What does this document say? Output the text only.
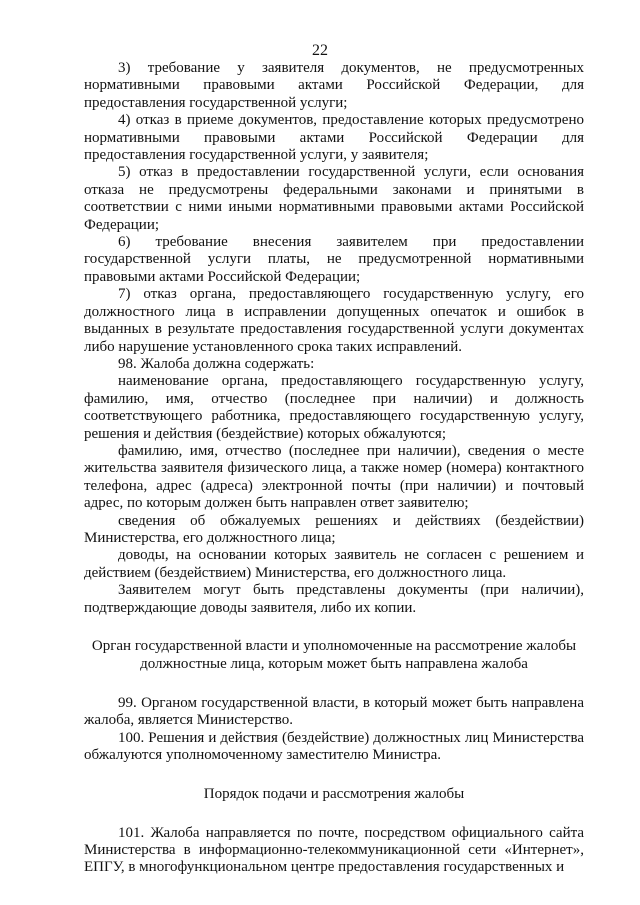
22

3) требование у заявителя документов, не предусмотренных нормативными правовыми актами Российской Федерации, для предоставления государственной услуги;

4) отказ в приеме документов, предоставление которых предусмотрено нормативными правовыми актами Российской Федерации для предоставления государственной услуги, у заявителя;

5) отказ в предоставлении государственной услуги, если основания отказа не предусмотрены федеральными законами и принятыми в соответствии с ними иными нормативными правовыми актами Российской Федерации;

6) требование внесения заявителем при предоставлении государственной услуги платы, не предусмотренной нормативными правовыми актами Российской Федерации;

7) отказ органа, предоставляющего государственную услугу, его должностного лица в исправлении допущенных опечаток и ошибок в выданных в результате предоставления государственной услуги документах либо нарушение установленного срока таких исправлений.

98. Жалоба должна содержать:

наименование органа, предоставляющего государственную услугу, фамилию, имя, отчество (последнее при наличии) и должность соответствующего работника, предоставляющего государственную услугу, решения и действия (бездействие) которых обжалуются;

фамилию, имя, отчество (последнее при наличии), сведения о месте жительства заявителя физического лица, а также номер (номера) контактного телефона, адрес (адреса) электронной почты (при наличии) и почтовый адрес, по которым должен быть направлен ответ заявителю;

сведения об обжалуемых решениях и действиях (бездействии) Министерства, его должностного лица;

доводы, на основании которых заявитель не согласен с решением и действием (бездействием) Министерства, его должностного лица.

Заявителем могут быть представлены документы (при наличии), подтверждающие доводы заявителя, либо их копии.

Орган государственной власти и уполномоченные на рассмотрение жалобы
должностные лица, которым может быть направлена жалоба

99. Органом государственной власти, в который может быть направлена жалоба, является Министерство.

100. Решения и действия (бездействие) должностных лиц Министерства обжалуются уполномоченному заместителю Министра.

Порядок подачи и рассмотрения жалобы

101. Жалоба направляется по почте, посредством официального сайта Министерства в информационно-телекоммуникационной сети «Интернет», ЕПГУ, в многофункциональном центре предоставления государственных и
